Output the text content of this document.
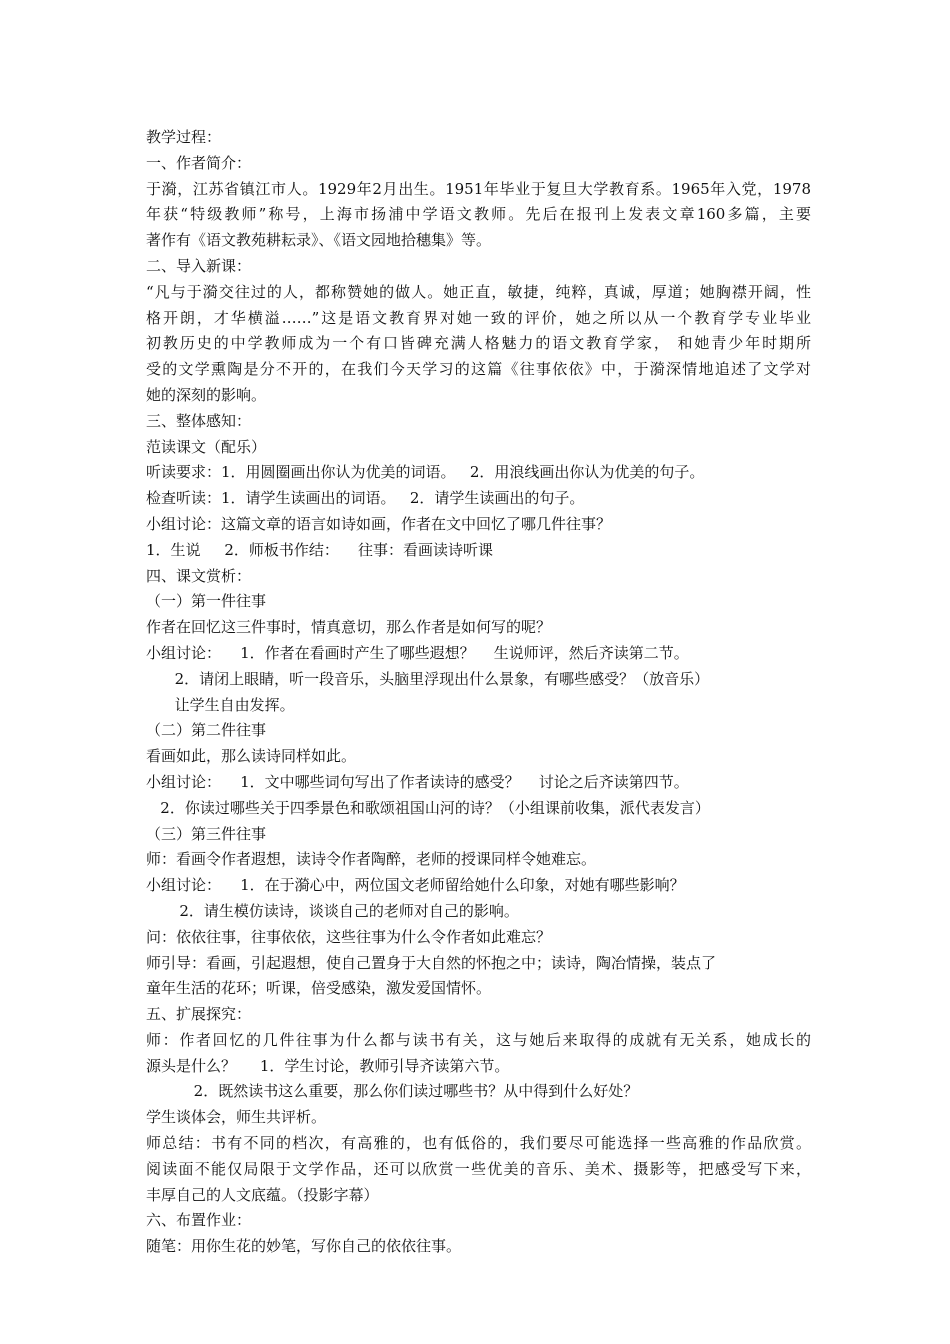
教学过程：
一、作者简介：
于漪，江苏省镇江市人。1929年2月出生。1951年毕业于复旦大学教育系。1965年入党，1978
年获“特级教师”称号，上海市扬浦中学语文教师。先后在报刊上发表文章160多篇，主要
著作有《语文教苑耕耘录》、《语文园地拾穗集》等。
二、导入新课：
“凡与于漪交往过的人，都称赞她的做人。她正直，敏捷，纯粹，真诚，厚道；她胸襟开阔，性
格开朗，才华横溢……”这是语文教育界对她一致的评价，她之所以从一个教育学专业毕业
初教历史的中学教师成为一个有口皆碑充满人格魅力的语文教育学家， 和她青少年时期所
受的文学熏陶是分不开的，在我们今天学习的这篇《往事依依》中，于漪深情地追述了文学对
她的深刻的影响。
三、整体感知：
范读课文（配乐）
听读要求：1．用圆圈画出你认为优美的词语。   2．用浪线画出你认为优美的句子。
检查听读：1．请学生读画出的词语。   2．请学生读画出的句子。
小组讨论：这篇文章的语言如诗如画，作者在文中回忆了哪几件往事？
1．生说     2．师板书作结：    往事：看画读诗听课
四、课文赏析：
（一）第一件往事
作者在回忆这三件事时，情真意切，那么作者是如何写的呢？
小组讨论：    1．作者在看画时产生了哪些遐想？    生说师评，然后齐读第二节。
2．请闭上眼睛，听一段音乐，头脑里浮现出什么景象，有哪些感受？（放音乐）
让学生自由发挥。
（二）第二件往事
看画如此，那么读诗同样如此。
小组讨论：    1．文中哪些词句写出了作者读诗的感受？    讨论之后齐读第四节。
2．你读过哪些关于四季景色和歌颂祖国山河的诗？（小组课前收集，派代表发言）
（三）第三件往事
师：看画令作者遐想，读诗令作者陶醉，老师的授课同样令她难忘。
小组讨论：    1．在于漪心中，两位国文老师留给她什么印象，对她有哪些影响？
2．请生模仿读诗，谈谈自己的老师对自己的影响。
问：依依往事，往事依依，这些往事为什么令作者如此难忘？
师引导：看画，引起遐想，使自己置身于大自然的怀抱之中；读诗，陶冶情操，装点了
童年生活的花环；听课，倍受感染，激发爱国情怀。
五、扩展探究：
师：作者回忆的几件往事为什么都与读书有关，这与她后来取得的成就有无关系，她成长的
源头是什么？     1．学生讨论，教师引导齐读第六节。
2．既然读书这么重要，那么你们读过哪些书？从中得到什么好处？
学生谈体会，师生共评析。
师总结：书有不同的档次，有高雅的，也有低俗的，我们要尽可能选择一些高雅的作品欣赏。
阅读面不能仅局限于文学作品，还可以欣赏一些优美的音乐、美术、摄影等，把感受写下来，
丰厚自己的人文底蕴。（投影字幕）
六、布置作业：
随笔：用你生花的妙笔，写你自己的依依往事。
